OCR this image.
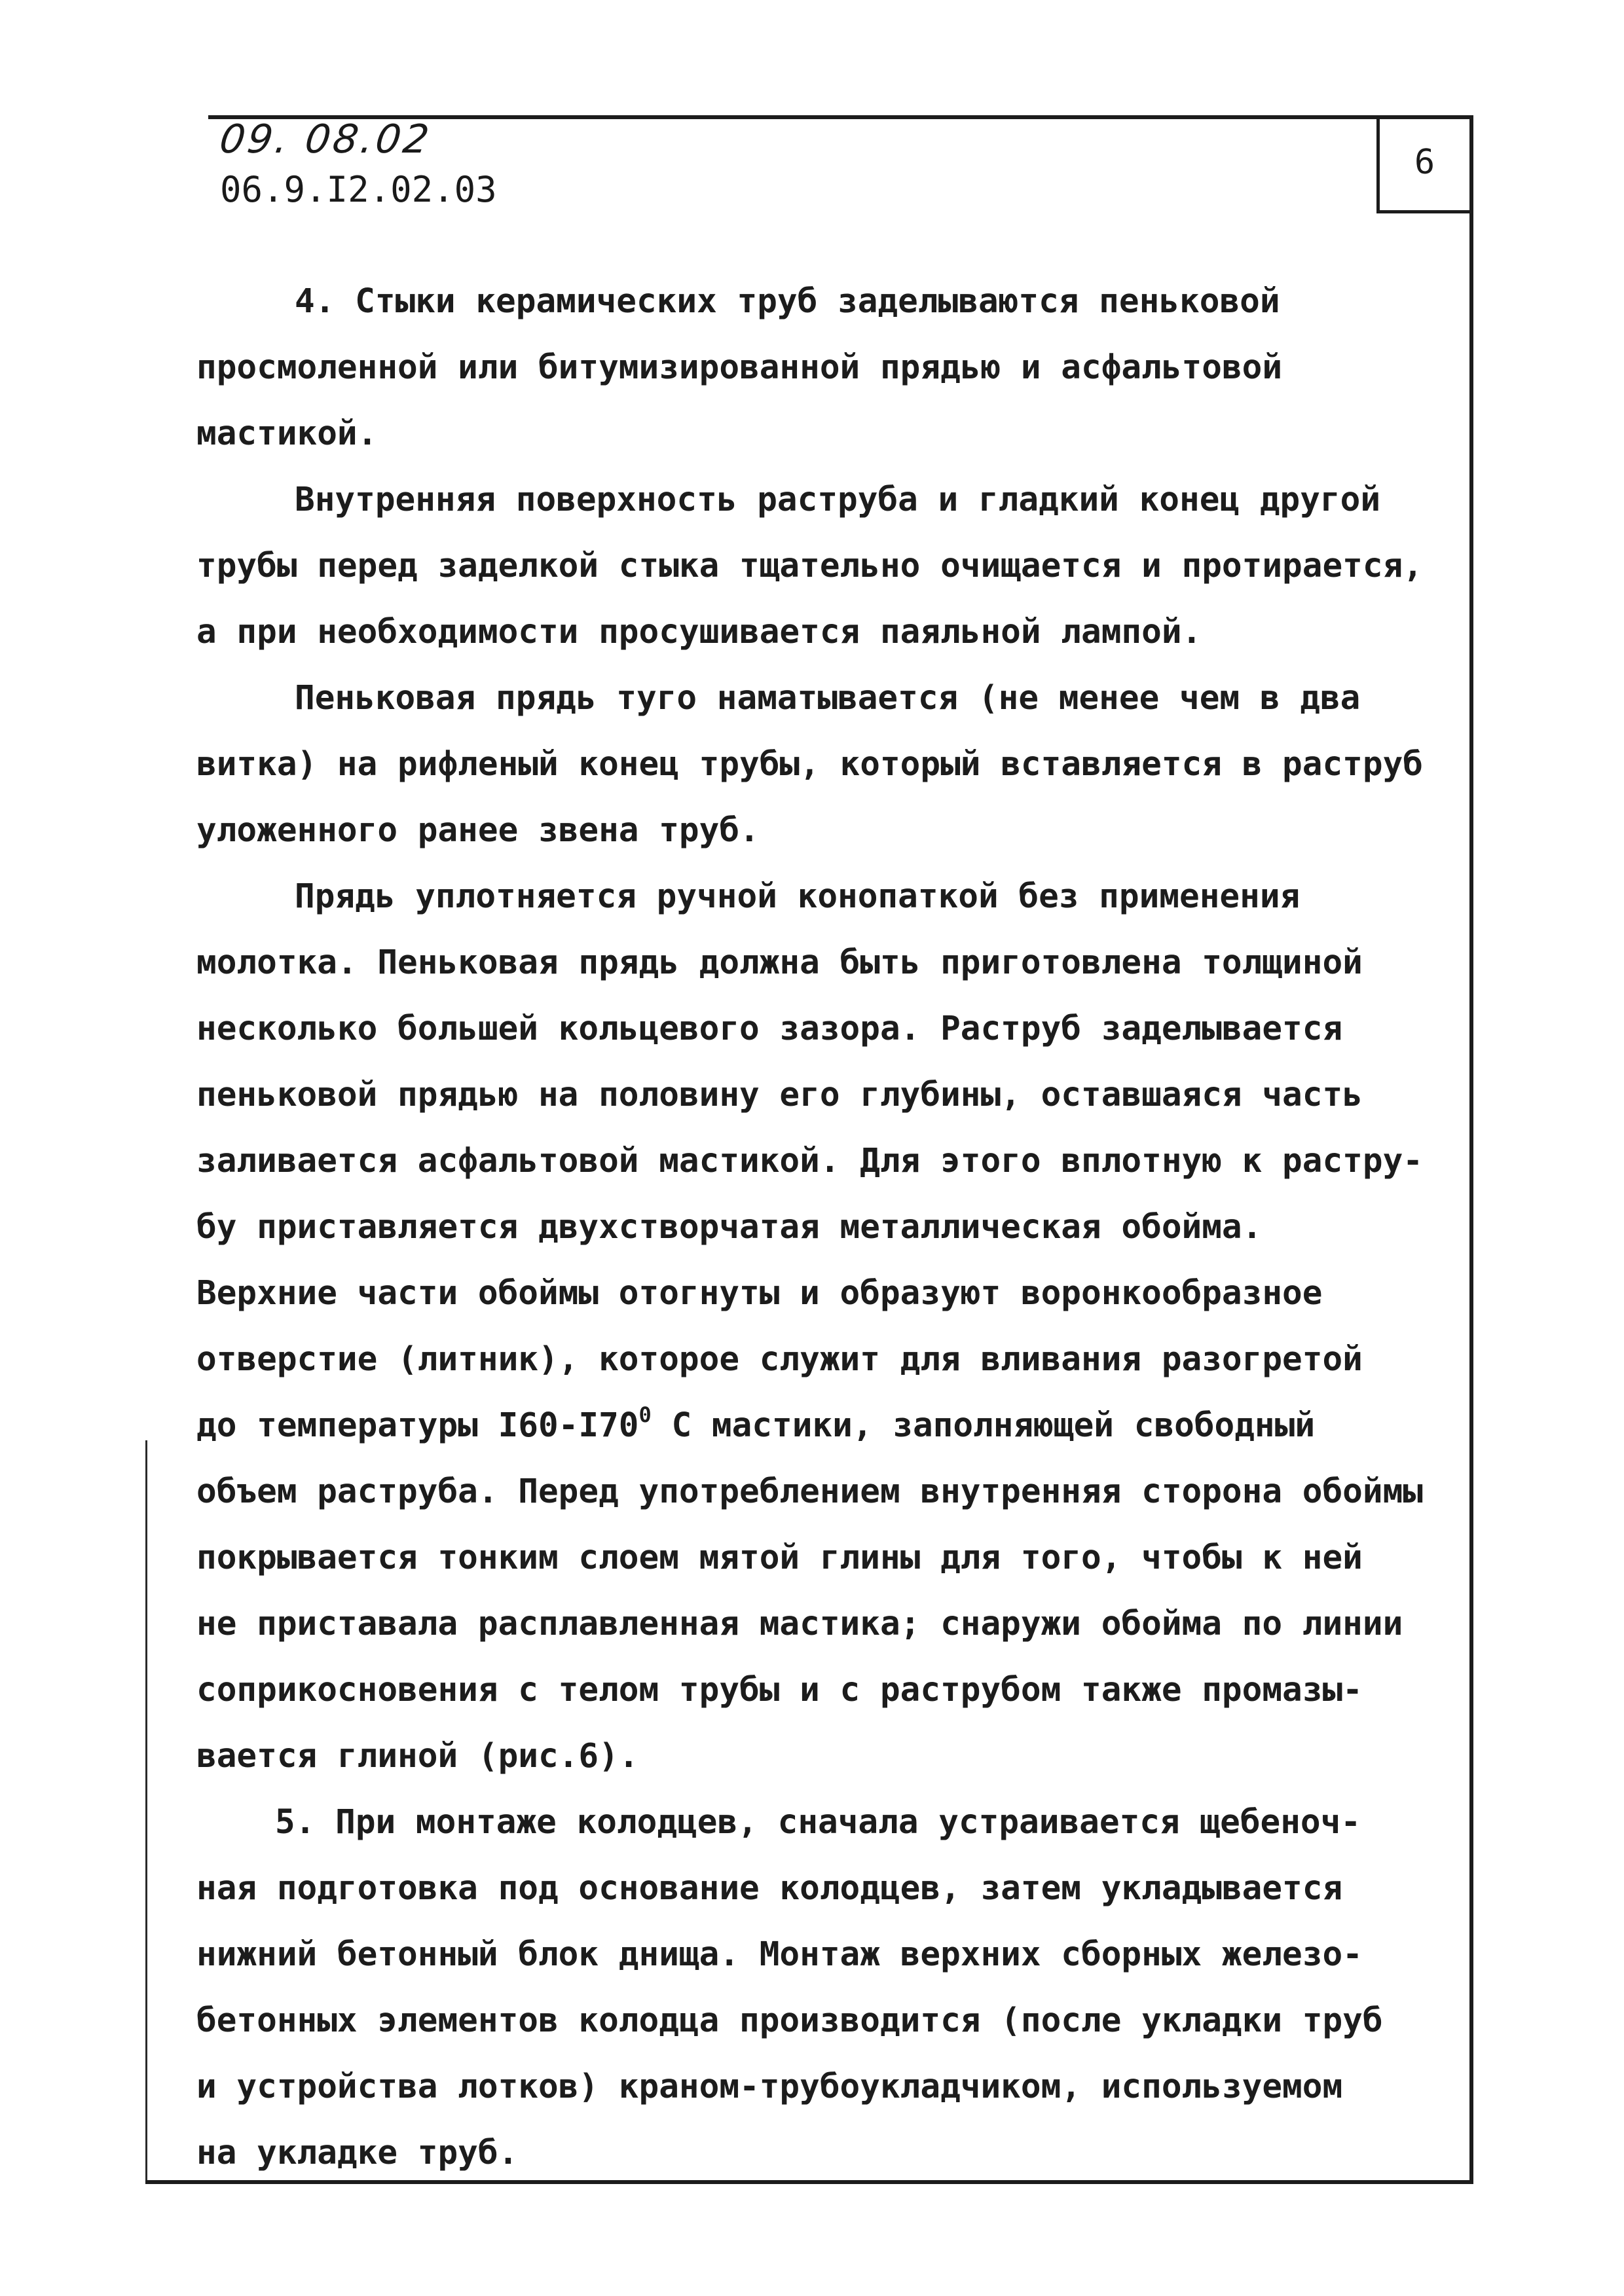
6
09. 08.02
06.9.I2.02.03
4. Стыки керамических труб заделываются пеньковой
просмоленной или битумизированной прядью и асфальтовой
мастикой.
Внутренняя поверхность раструба и гладкий конец другой
трубы перед заделкой стыка тщательно очищается и протирается,
а при необходимости просушивается паяльной лампой.
Пеньковая прядь туго наматывается (не менее чем в два
витка) на рифленый конец трубы, который вставляется в раструб
уложенного ранее звена труб.
Прядь уплотняется ручной конопаткой без применения
молотка. Пеньковая прядь должна быть приготовлена толщиной
несколько большей кольцевого зазора. Раструб заделывается
пеньковой прядью на половину его глубины, оставшаяся часть
заливается асфальтовой мастикой. Для этого вплотную к растру-
бу приставляется двухстворчатая металлическая обойма.
Верхние части обоймы отогнуты и образуют воронкообразное
отверстие (литник), которое служит для вливания разогретой
до температуры $I60-I70^0$ С мастики, заполняющей свободный
объем раструба. Перед употреблением внутренняя сторона обоймы
покрывается тонким слоем мятой глины для того, чтобы к ней
не приставала расплавленная мастика; снаружи обойма по линии
соприкосновения с телом трубы и с раструбом также промазы-
вается глиной (рис.6).
5. При монтаже колодцев, сначала устраивается щебеноч-
ная подготовка под основание колодцев, затем укладывается
нижний бетонный блок днища. Монтаж верхних сборных железо-
бетонных элементов колодца производится (после укладки труб
и устройства лотков) краном-трубоукладчиком, используемом
на укладке труб.
